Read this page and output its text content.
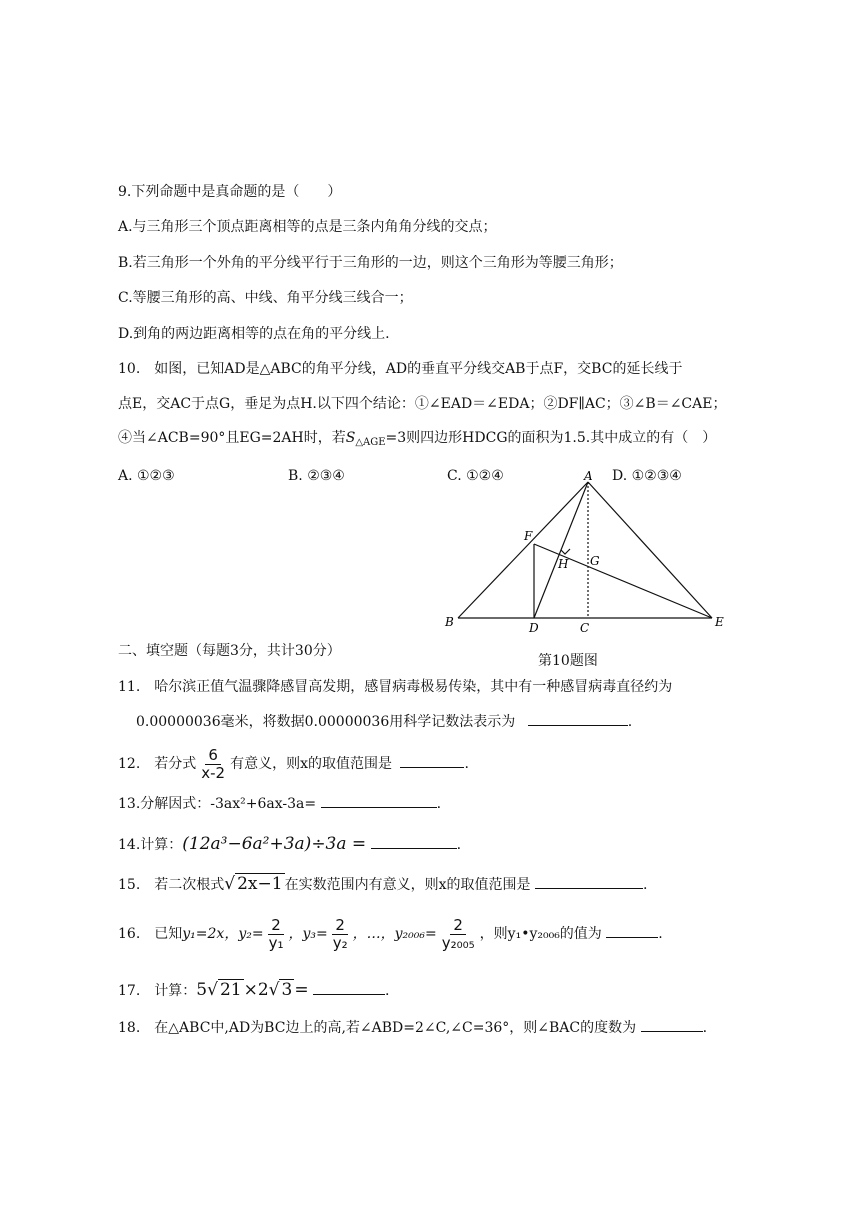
9.下列命题中是真命题的是（　　）
A.与三角形三个顶点距离相等的点是三条内角角分线的交点；
B.若三角形一个外角的平分线平行于三角形的一边，则这个三角形为等腰三角形；
C.等腰三角形的高、中线、角平分线三线合一；
D.到角的两边距离相等的点在角的平分线上.
10.　如图，已知AD是△ABC的角平分线，AD的垂直平分线交AB于点F，交BC的延长线于
点E，交AC于点G，垂足为点H.以下四个结论：①∠EAD＝∠EDA；②DF∥AC；③∠B＝∠CAE；
④当∠ACB=90°且EG=2AH时，若$S_{\triangle AGE}=3$则四边形HDCG的面积为1.5.其中成立的有（　）
A. ①②③	B. ②③④	C. ①②④	D. ①②③④
A
F
H G
B	D	C	E
第10题图
二、填空题（每题3分，共计30分）
11.　哈尔滨正值气温骤降感冒高发期，感冒病毒极易传染，其中有一种感冒病毒直径约为
0.00000036毫米，将数据0.00000036用科学记数法表示为	.
12.　若分式 $\frac{6}{x-2}$ 有意义，则x的取值范围是	.
13.分解因式：-3ax²+6ax-3a=	.
14.计算：(12a³−6a²+3a)÷3a =	.
15.　若二次根式√ 2x−1 在实数范围内有意义，则x的取值范围是	.
16.　已知y₁=2x，$y_2= \frac{2}{\text{y₁}}$ ，$y_3= \frac{2}{\text{y₂}}$ ，…，$y_{2006}= \frac{2}{\text{y₂₀₀₅}}$ ，则y₁•y₂₀₀₆的值为	.
17.　计算：5√ 21 ×2√ 3 =	.
18.　在△ABC中,AD为BC边上的高,若∠ABD=2∠C,∠C=36°，则∠BAC的度数为	.
